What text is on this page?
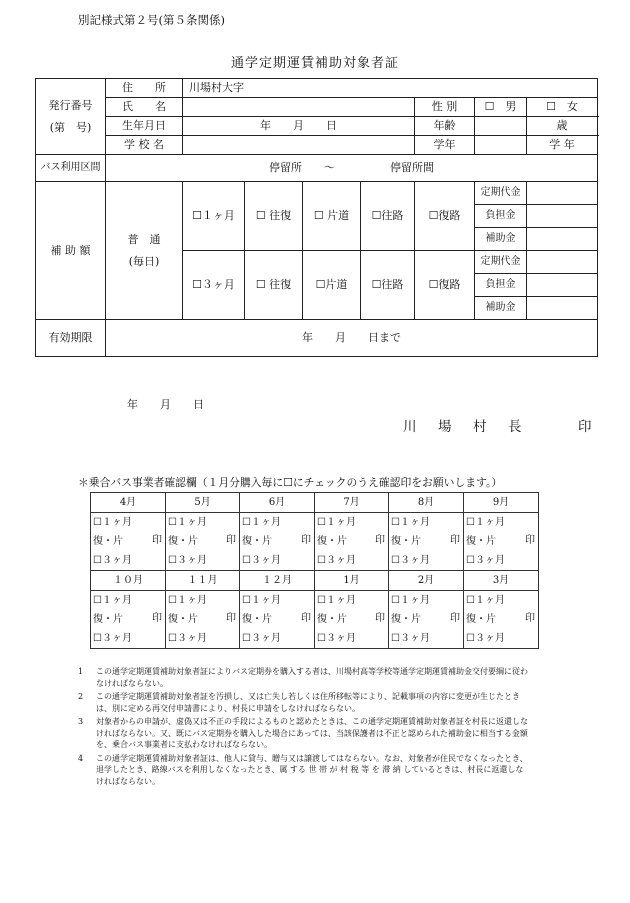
別記様式第２号(第５条関係)
通学定期運賃補助対象者証
発行番号
(第　号)	住　　所	川場村大字						
	氏　　名					性 別	☐　男	☐　女
	生年月日	年　　月　　日				年齢		歳
	学 校 名					学年		学 年
バス利用区間	停留所　　～　　　　　停留所間							
補 助 額	普　通
(毎日)	☐１ヶ月	☐ 往復	☐ 片道	☐往路	☐復路	定期代金	
							負担金	
							補助金	
		☐３ヶ月	☐ 往復	☐片道	☐往路	☐復路	定期代金	
							負担金	
							補助金	
有効期限	年　　月　　日まで							
年　　月　　日
川　場　村　長　　　印
＊乗合バス事業者確認欄（１月分購入毎に☐にチェックのうえ確認印をお願いします。）
4月	5月	6月	7月	8月	9月
☐１ヶ月	☐１ヶ月	☐１ヶ月	☐１ヶ月	☐１ヶ月	☐１ヶ月
復・片 印	復・片 印	復・片 印	復・片 印	復・片 印	復・片 印

☐３ヶ月	☐３ヶ月	☐３ヶ月	☐３ヶ月	☐３ヶ月	☐３ヶ月
１０月	１１月	１２月	1月	2月	3月
☐１ヶ月	☐１ヶ月	☐１ヶ月	☐１ヶ月	☐１ヶ月	☐１ヶ月
復・片 印	復・片 印	復・片 印	復・片 印	復・片 印	復・片 印

☐３ヶ月	☐３ヶ月	☐３ヶ月	☐３ヶ月	☐３ヶ月	☐３ヶ月
1	この通学定期運賃補助対象者証によりバス定期券を購入する者は、川場村高等学校等通学定期運賃補助金交付要綱に従わなければならない。
2	この通学定期運賃補助対象者証を汚損し、又は亡失し若しくは住所移転等により、記載事項の内容に変更が生じたときは、別に定める再交付申請書により、村長に申請をしなければならない。
3	対象者からの申請が、虚偽又は不正の手段によるものと認めたときは、この通学定期運賃補助対象者証を村長に返還しなければならない。又、既にバス定期券を購入した場合にあっては、当該保護者は不正と認められた補助金に相当する金額を、乗合バス事業者に支払わなければならない。
4	この通学定期運賃補助対象者証は、他人に貸与、贈与又は譲渡してはならない。なお、対象者が住民でなくなったとき、退学したとき、路線バスを利用しなくなったとき、属 する 世 帯 が 村 税 等 を 滞 納 しているときは、村長に返還しなければならない。
